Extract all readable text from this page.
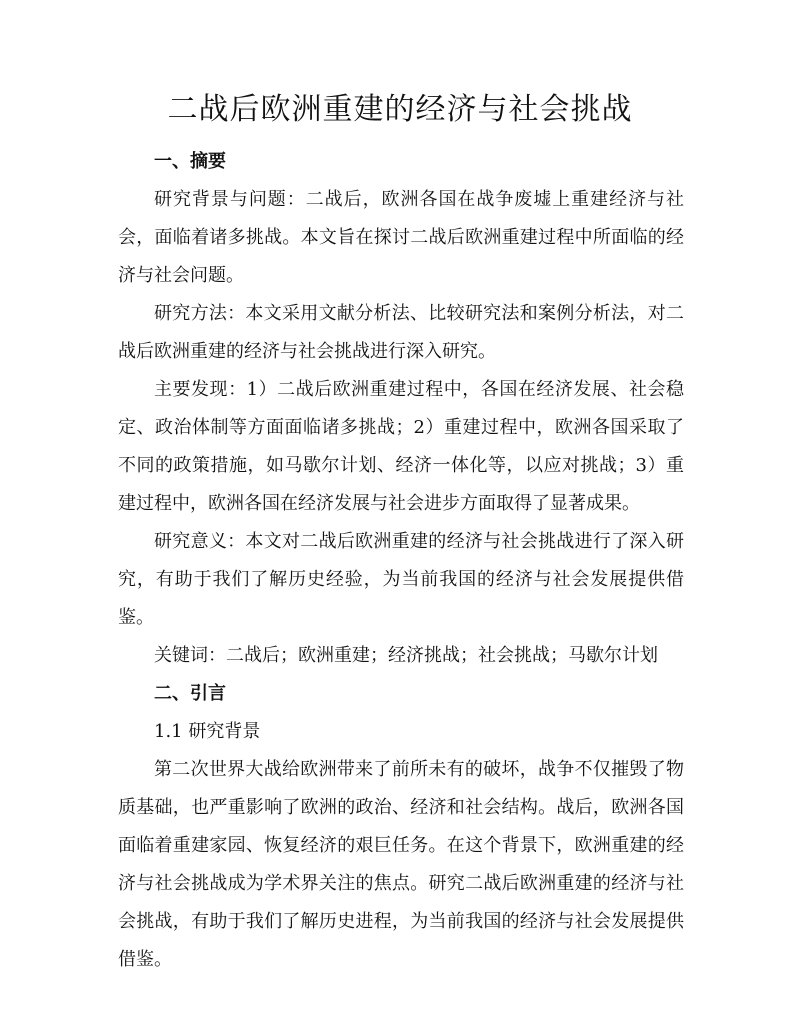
二战后欧洲重建的经济与社会挑战

一、摘要

研究背景与问题：二战后，欧洲各国在战争废墟上重建经济与社会，面临着诸多挑战。本文旨在探讨二战后欧洲重建过程中所面临的经济与社会问题。

研究方法：本文采用文献分析法、比较研究法和案例分析法，对二战后欧洲重建的经济与社会挑战进行深入研究。

主要发现：1）二战后欧洲重建过程中，各国在经济发展、社会稳定、政治体制等方面面临诸多挑战；2）重建过程中，欧洲各国采取了不同的政策措施，如马歇尔计划、经济一体化等，以应对挑战；3）重建过程中，欧洲各国在经济发展与社会进步方面取得了显著成果。

研究意义：本文对二战后欧洲重建的经济与社会挑战进行了深入研究，有助于我们了解历史经验，为当前我国的经济与社会发展提供借鉴。

关键词：二战后；欧洲重建；经济挑战；社会挑战；马歇尔计划

二、引言

1.1 研究背景

第二次世界大战给欧洲带来了前所未有的破坏，战争不仅摧毁了物质基础，也严重影响了欧洲的政治、经济和社会结构。战后，欧洲各国面临着重建家园、恢复经济的艰巨任务。在这个背景下，欧洲重建的经济与社会挑战成为学术界关注的焦点。研究二战后欧洲重建的经济与社会挑战，有助于我们了解历史进程，为当前我国的经济与社会发展提供借鉴。
